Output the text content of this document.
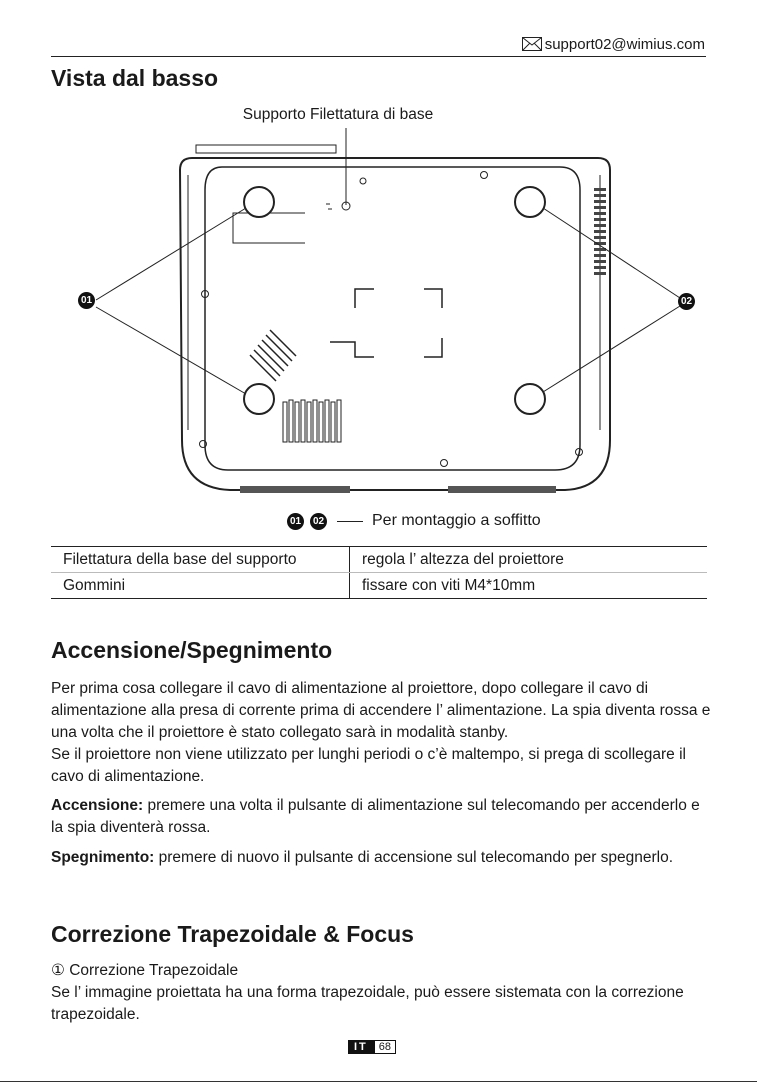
support02@wimius.com
Vista dal basso
Supporto Filettatura di base
01	02
01 02	Per montaggio a soffitto
Filettatura della base del supporto	regola l’ altezza del proiettore
Gommini	fissare con viti M4*10mm
Accensione/Spegnimento
Per prima cosa collegare il cavo di alimentazione al proiettore, dopo collegare il cavo di alimentazione alla presa di corrente prima di accendere l’ alimentazione. La spia diventa rossa e una volta che il proiettore è stato collegato sarà in modalità stanby.
Se il proiettore non viene utilizzato per lunghi periodi o c’è maltempo, si prega di scollegare il cavo di alimentazione.
Accensione: premere una volta il pulsante di alimentazione sul telecomando per accenderlo e la spia diventerà rossa.
Spegnimento: premere di nuovo il pulsante di accensione sul telecomando per spegnerlo.
Correzione Trapezoidale & Focus
① Correzione Trapezoidale
Se l’ immagine proiettata ha una forma trapezoidale, può essere sistemata con la correzione trapezoidale.
IT	68
